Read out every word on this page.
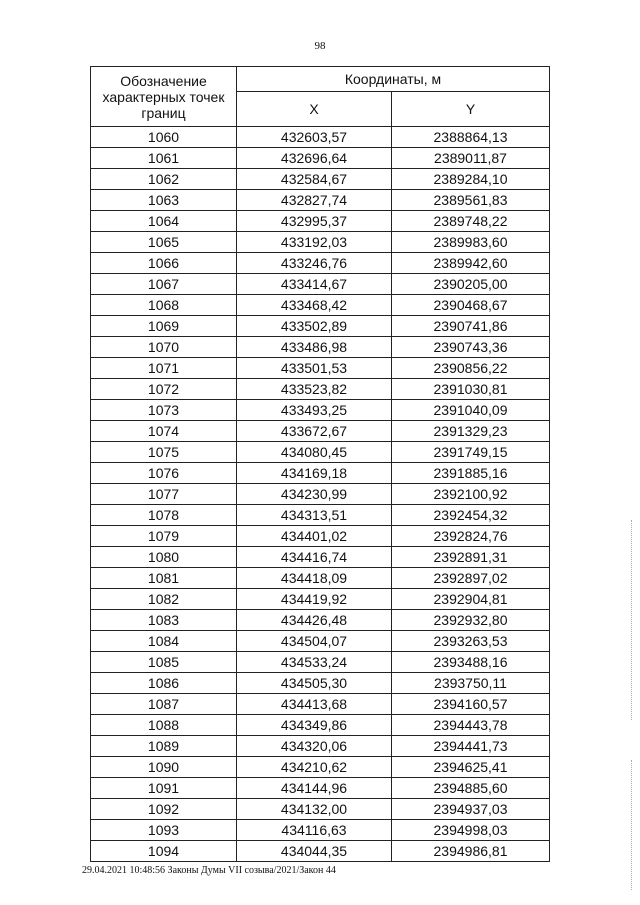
98
Обозначение характерных точек границ	Координаты, м	
	X	Y
1060	432603,57	2388864,13
1061	432696,64	2389011,87
1062	432584,67	2389284,10
1063	432827,74	2389561,83
1064	432995,37	2389748,22
1065	433192,03	2389983,60
1066	433246,76	2389942,60
1067	433414,67	2390205,00
1068	433468,42	2390468,67
1069	433502,89	2390741,86
1070	433486,98	2390743,36
1071	433501,53	2390856,22
1072	433523,82	2391030,81
1073	433493,25	2391040,09
1074	433672,67	2391329,23
1075	434080,45	2391749,15
1076	434169,18	2391885,16
1077	434230,99	2392100,92
1078	434313,51	2392454,32
1079	434401,02	2392824,76
1080	434416,74	2392891,31
1081	434418,09	2392897,02
1082	434419,92	2392904,81
1083	434426,48	2392932,80
1084	434504,07	2393263,53
1085	434533,24	2393488,16
1086	434505,30	2393750,11
1087	434413,68	2394160,57
1088	434349,86	2394443,78
1089	434320,06	2394441,73
1090	434210,62	2394625,41
1091	434144,96	2394885,60
1092	434132,00	2394937,03
1093	434116,63	2394998,03
1094	434044,35	2394986,81
29.04.2021 10:48:56 Законы Думы VII созыва/2021/Закон 44
